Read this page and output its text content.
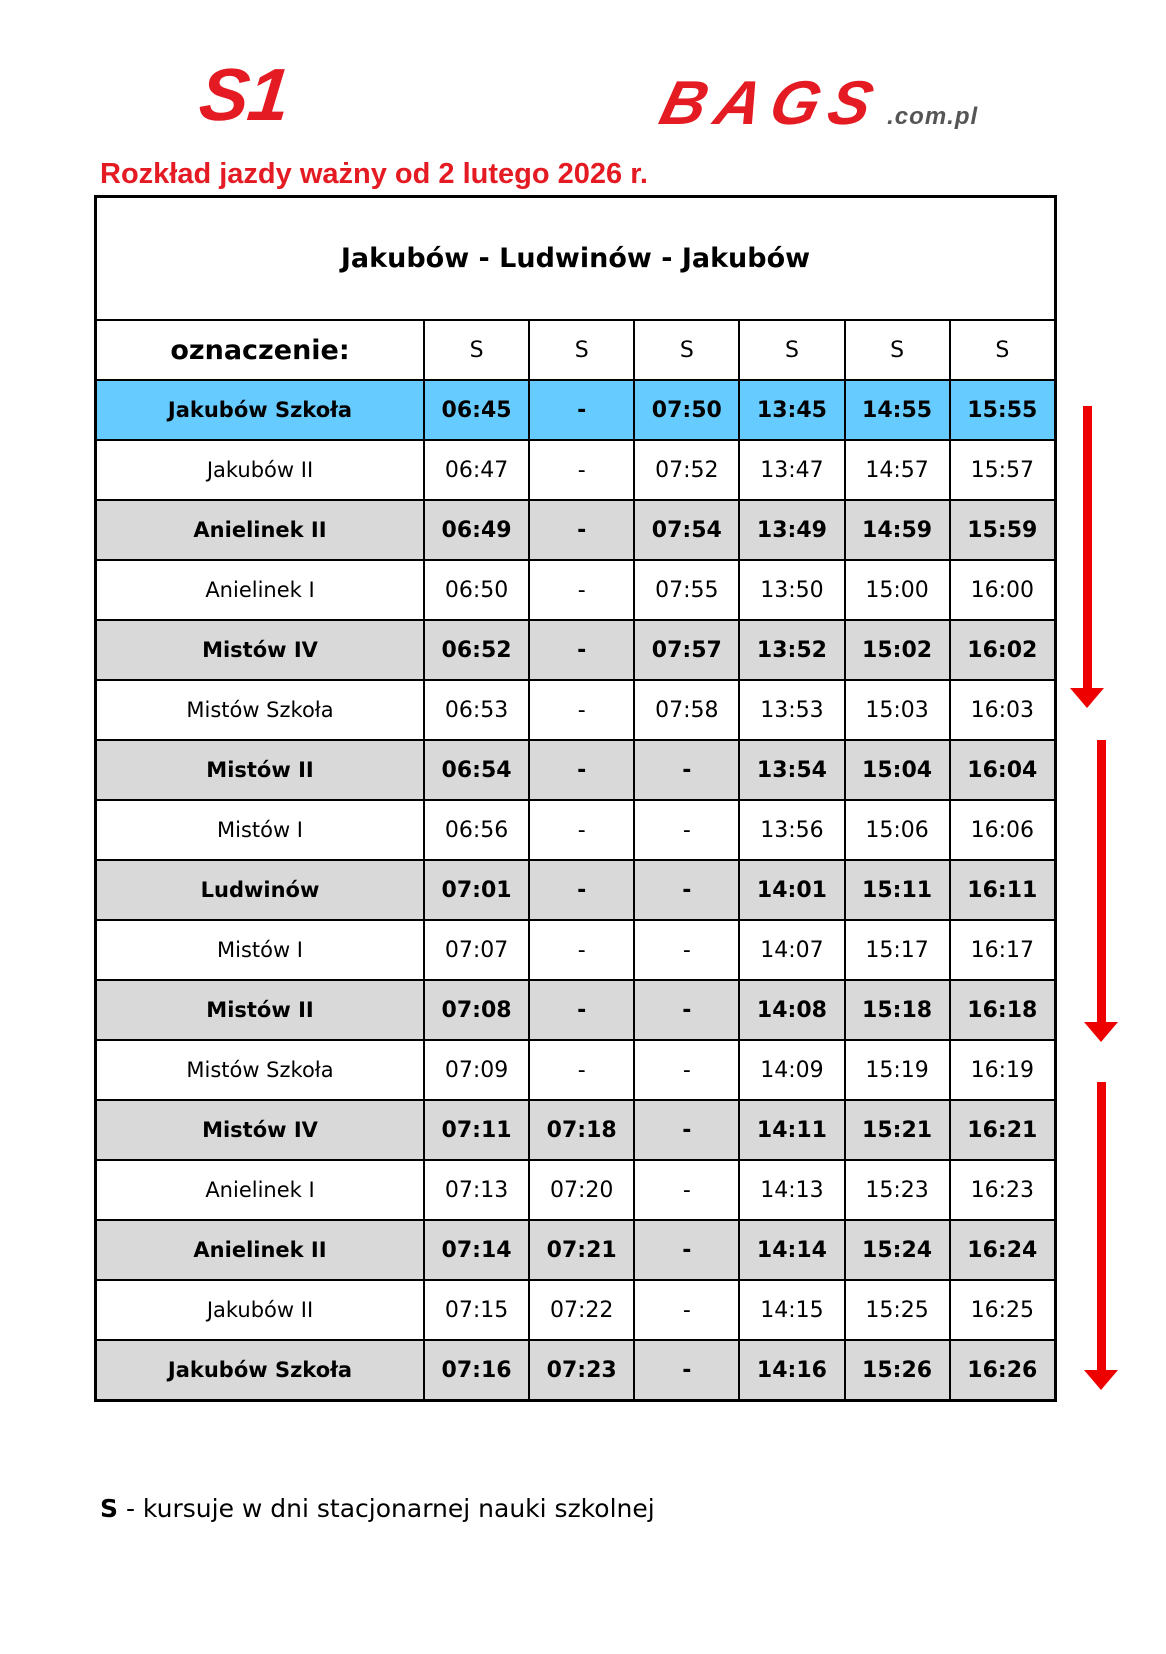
S1	BAGS
.com.pl
Rozkład jazdy ważny od 2 lutego 2026 r.
Jakubów - Ludwinów - Jakubów						
oznaczenie:	S	S	S	S	S	S
Jakubów Szkoła	06:45	-	07:50	13:45	14:55	15:55
Jakubów II	06:47	-	07:52	13:47	14:57	15:57
Anielinek II	06:49	-	07:54	13:49	14:59	15:59
Anielinek I	06:50	-	07:55	13:50	15:00	16:00
Mistów IV	06:52	-	07:57	13:52	15:02	16:02
Mistów Szkoła	06:53	-	07:58	13:53	15:03	16:03
Mistów II	06:54	-	-	13:54	15:04	16:04
Mistów I	06:56	-	-	13:56	15:06	16:06
Ludwinów	07:01	-	-	14:01	15:11	16:11
Mistów I	07:07	-	-	14:07	15:17	16:17
Mistów II	07:08	-	-	14:08	15:18	16:18
Mistów Szkoła	07:09	-	-	14:09	15:19	16:19
Mistów IV	07:11	07:18	-	14:11	15:21	16:21
Anielinek I	07:13	07:20	-	14:13	15:23	16:23
Anielinek II	07:14	07:21	-	14:14	15:24	16:24
Jakubów II	07:15	07:22	-	14:15	15:25	16:25
Jakubów Szkoła	07:16	07:23	-	14:16	15:26	16:26
S - kursuje w dni stacjonarnej nauki szkolnej
